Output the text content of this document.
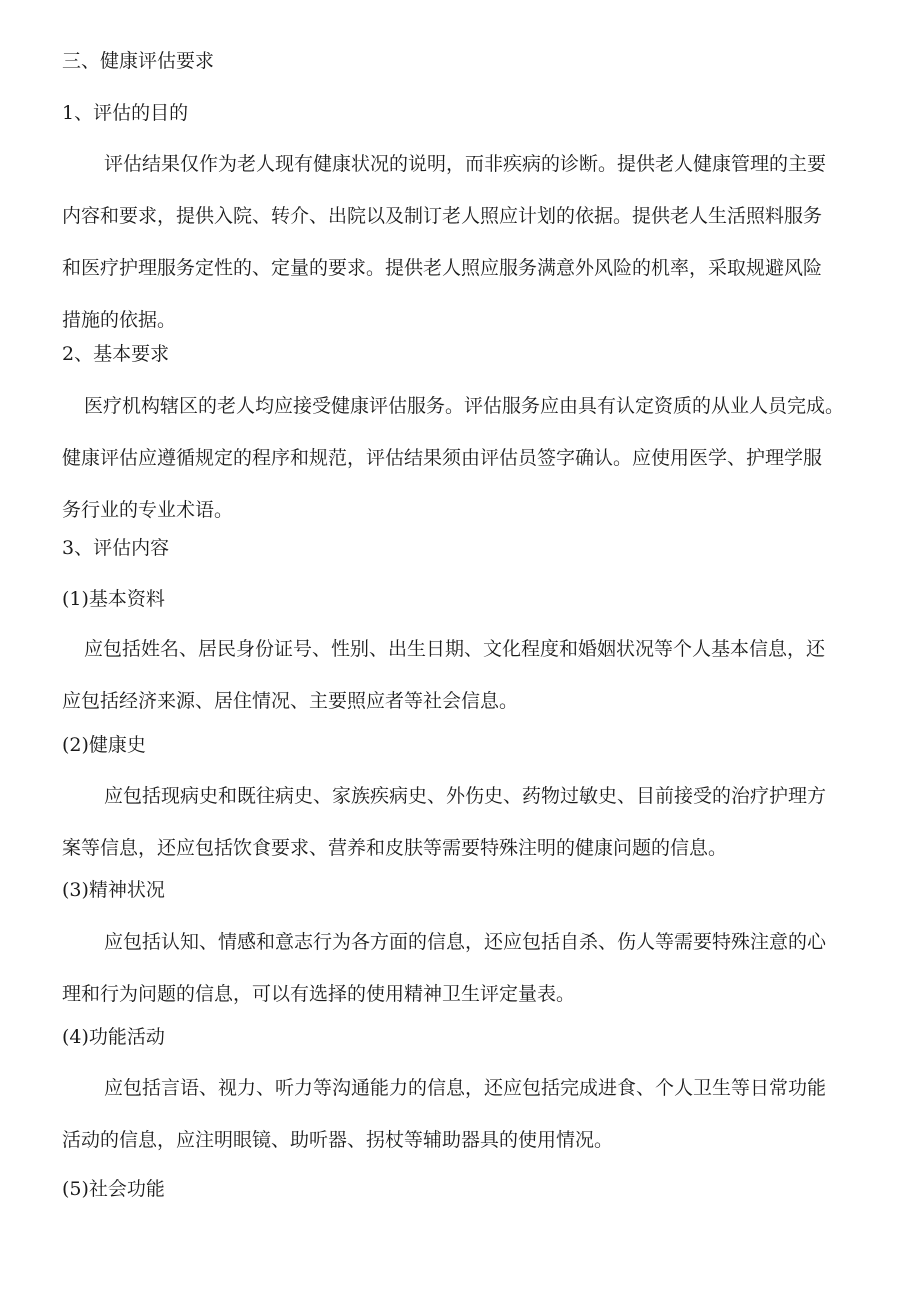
三、健康评估要求

1、评估的目的

评估结果仅作为老人现有健康状况的说明，而非疾病的诊断。提供老人健康管理的主要
内容和要求，提供入院、转介、出院以及制订老人照应计划的依据。提供老人生活照料服务
和医疗护理服务定性的、定量的要求。提供老人照应服务满意外风险的机率，采取规避风险
措施的依据。

2、基本要求

医疗机构辖区的老人均应接受健康评估服务。评估服务应由具有认定资质的从业人员完成。
健康评估应遵循规定的程序和规范，评估结果须由评估员签字确认。应使用医学、护理学服
务行业的专业术语。

3、评估内容

(1)基本资料

应包括姓名、居民身份证号、性别、出生日期、文化程度和婚姻状况等个人基本信息，还
应包括经济来源、居住情况、主要照应者等社会信息。

(2)健康史

应包括现病史和既往病史、家族疾病史、外伤史、药物过敏史、目前接受的治疗护理方
案等信息，还应包括饮食要求、营养和皮肤等需要特殊注明的健康问题的信息。

(3)精神状况

应包括认知、情感和意志行为各方面的信息，还应包括自杀、伤人等需要特殊注意的心
理和行为问题的信息，可以有选择的使用精神卫生评定量表。

(4)功能活动

应包括言语、视力、听力等沟通能力的信息，还应包括完成进食、个人卫生等日常功能
活动的信息，应注明眼镜、助听器、拐杖等辅助器具的使用情况。

(5)社会功能
